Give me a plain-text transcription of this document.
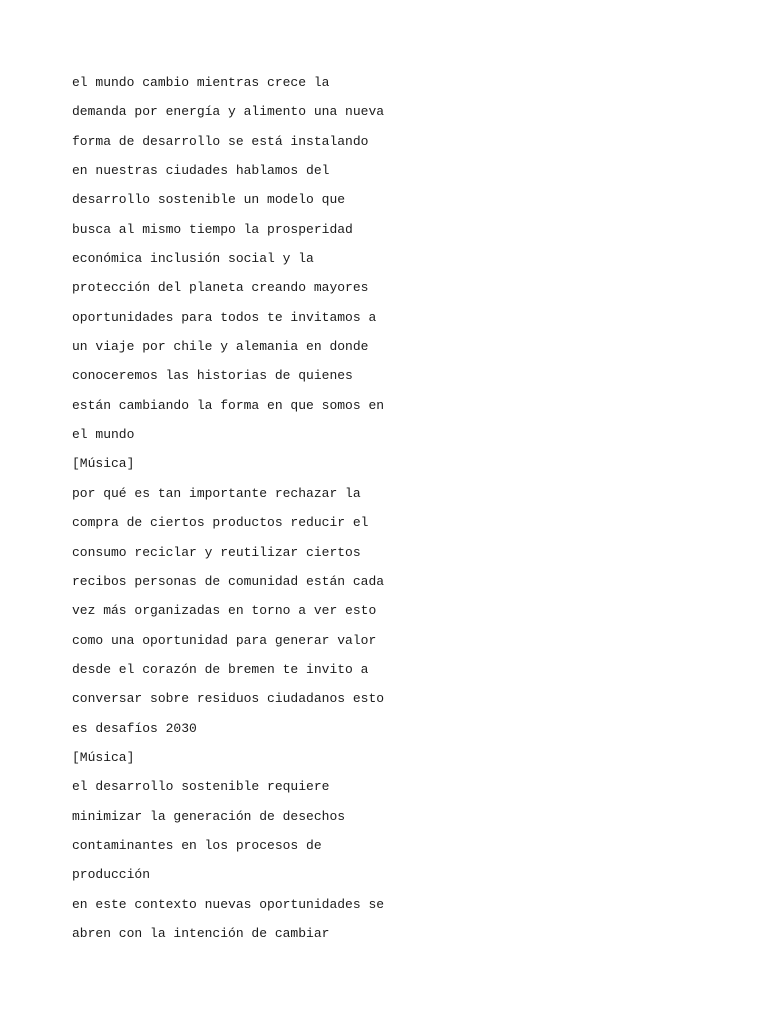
el mundo cambio mientras crece la
demanda por energía y alimento una nueva
forma de desarrollo se está instalando
en nuestras ciudades hablamos del
desarrollo sostenible un modelo que
busca al mismo tiempo la prosperidad
económica inclusión social y la
protección del planeta creando mayores
oportunidades para todos te invitamos a
un viaje por chile y alemania en donde
conoceremos las historias de quienes
están cambiando la forma en que somos en
el mundo
[Música]
por qué es tan importante rechazar la
compra de ciertos productos reducir el
consumo reciclar y reutilizar ciertos
recibos personas de comunidad están cada
vez más organizadas en torno a ver esto
como una oportunidad para generar valor
desde el corazón de bremen te invito a
conversar sobre residuos ciudadanos esto
es desafíos 2030
[Música]
el desarrollo sostenible requiere
minimizar la generación de desechos
contaminantes en los procesos de
producción
en este contexto nuevas oportunidades se
abren con la intención de cambiar
